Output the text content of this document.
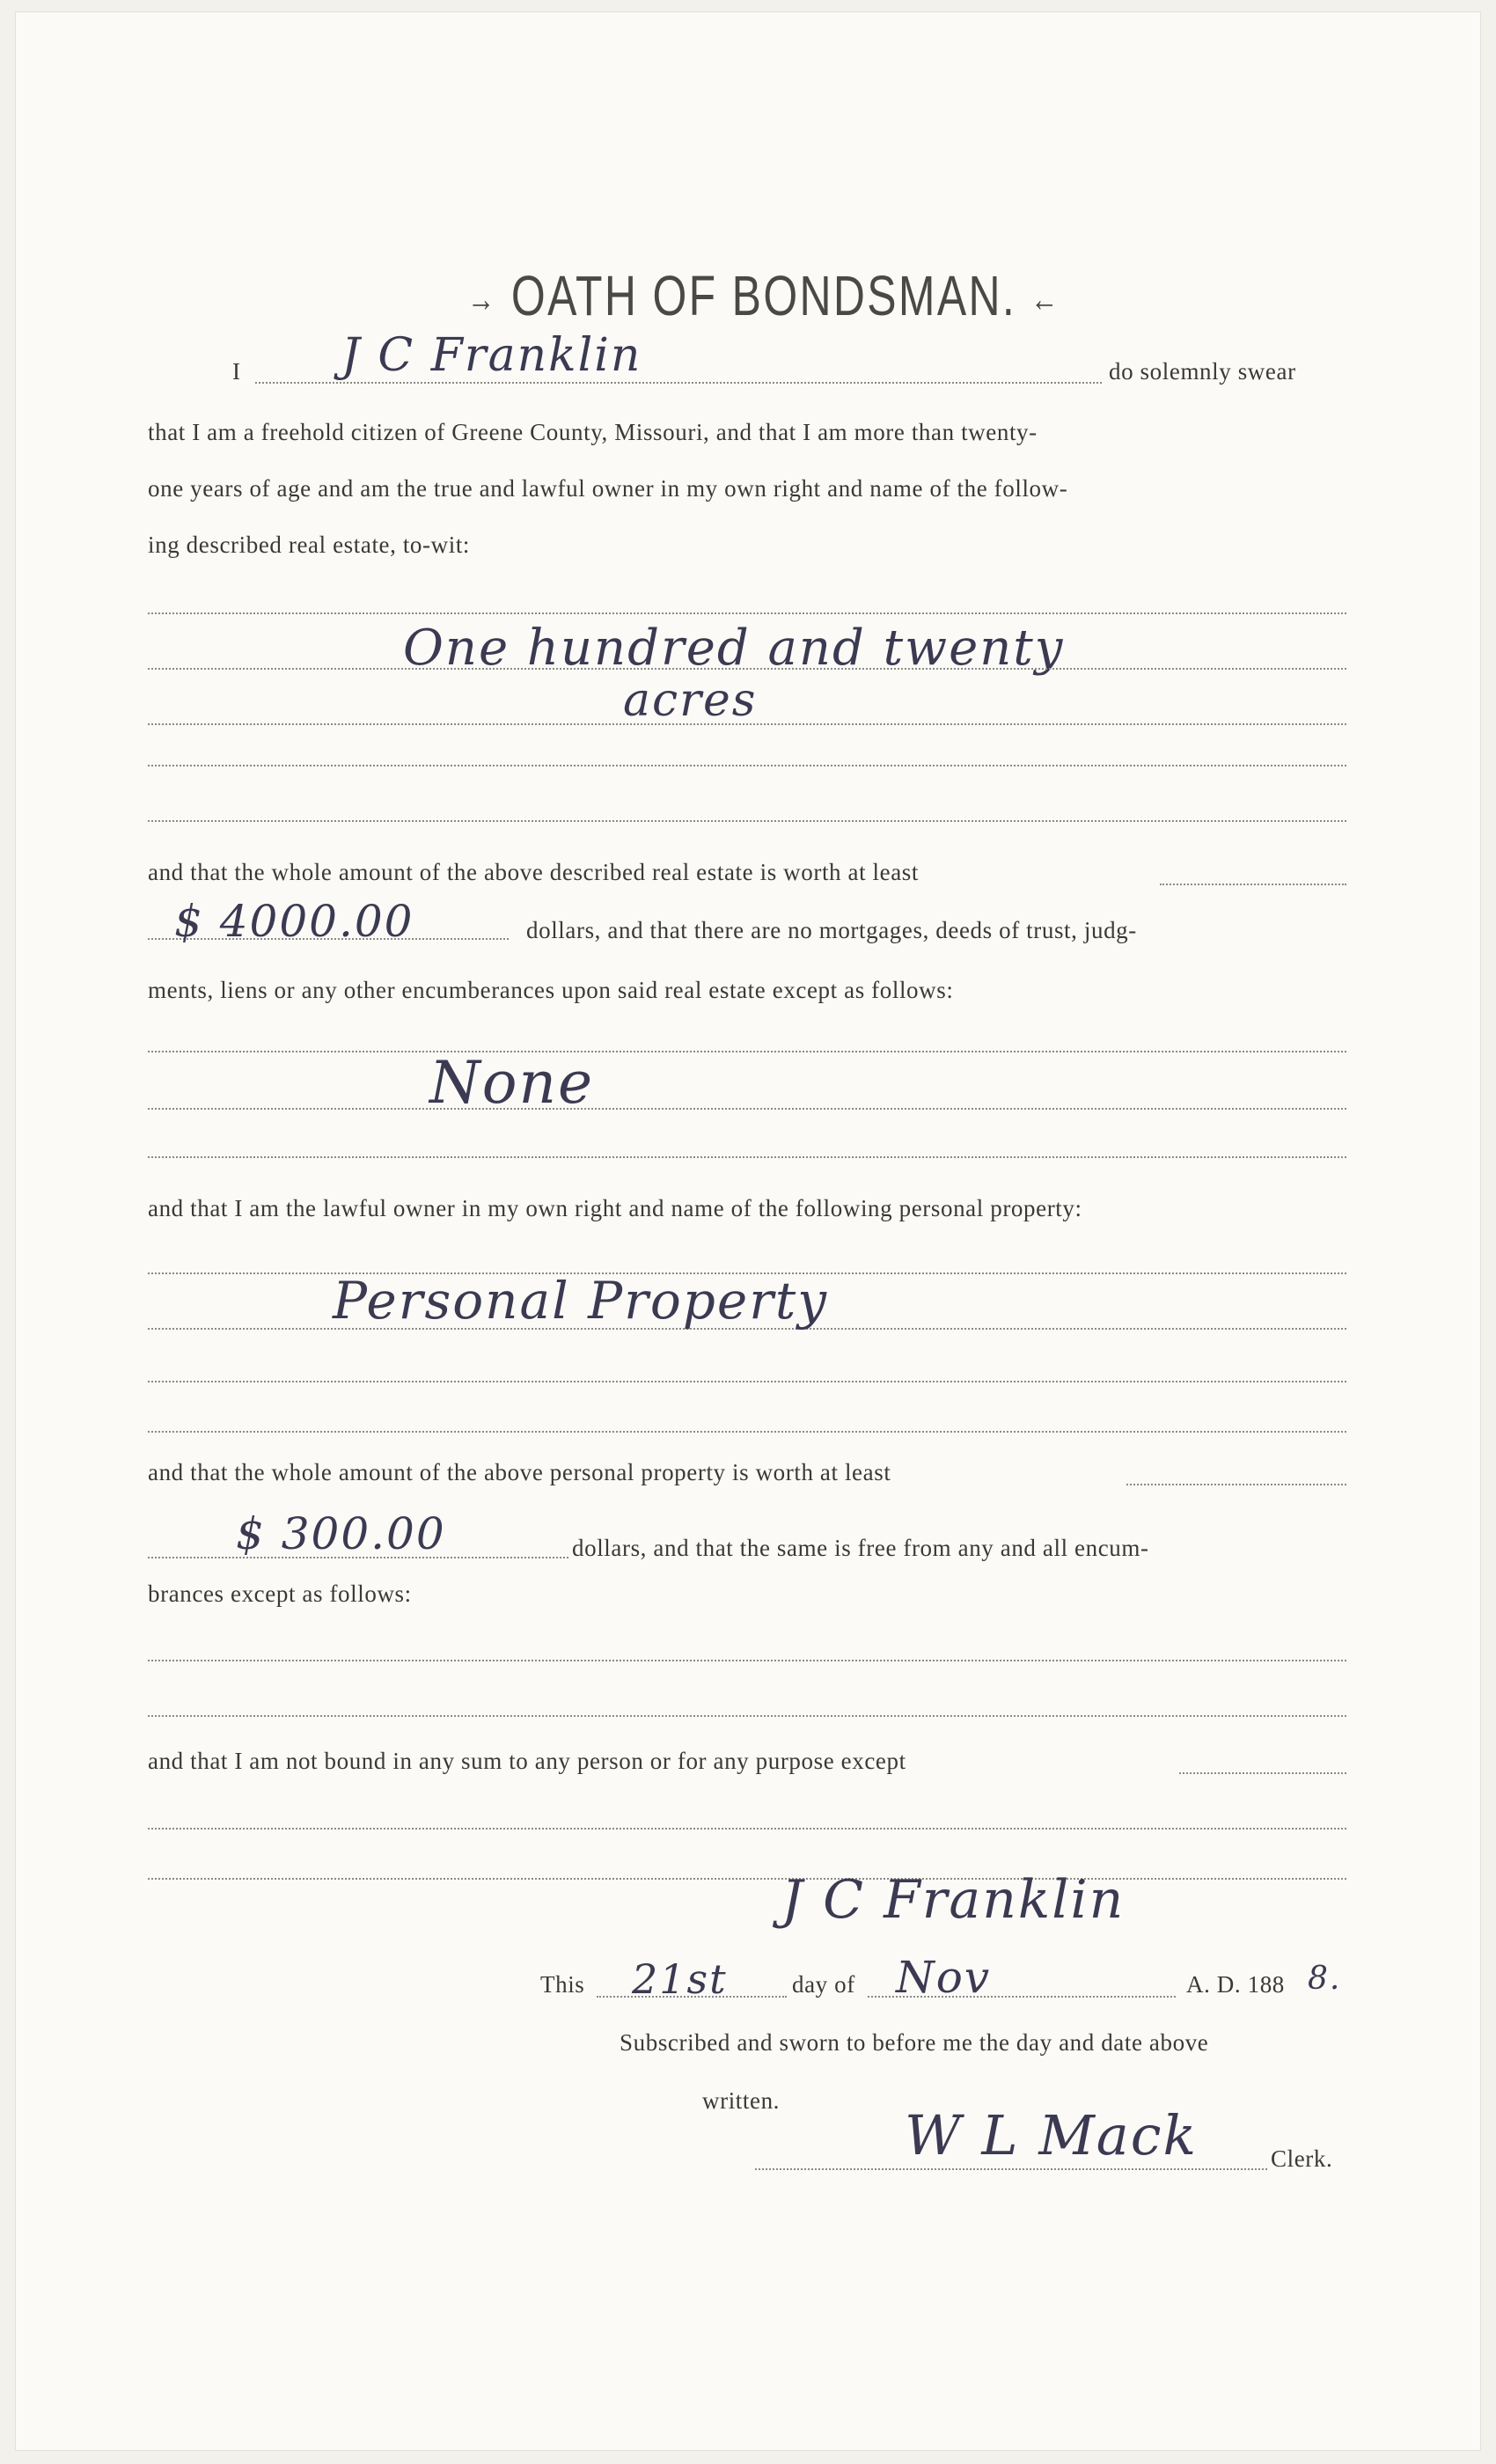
→ OATH OF BONDSMAN. ←
I J C Franklin	do solemnly swear
that I am a freehold citizen of Greene County, Missouri, and that I am more than twenty-
one years of age and am the true and lawful owner in my own right and name of the follow-
ing described real estate, to-wit:
One hundred and twenty
acres
and that the whole amount of the above described real estate is worth at least
$ 4000.00	dollars, and that there are no mortgages, deeds of trust, judg-
ments, liens or any other encumberances upon said real estate except as follows:
None
and that I am the lawful owner in my own right and name of the following personal property:
Personal Property
and that the whole amount of the above personal property is worth at least
$ 300.00	dollars, and that the same is free from any and all encum-
brances except as follows:
and that I am not bound in any sum to any person or for any purpose except
J C Franklin
This 21st	day of Nov	A. D. 188 8.
Subscribed and sworn to before me the day and date above
written.
W L Mack	Clerk.
